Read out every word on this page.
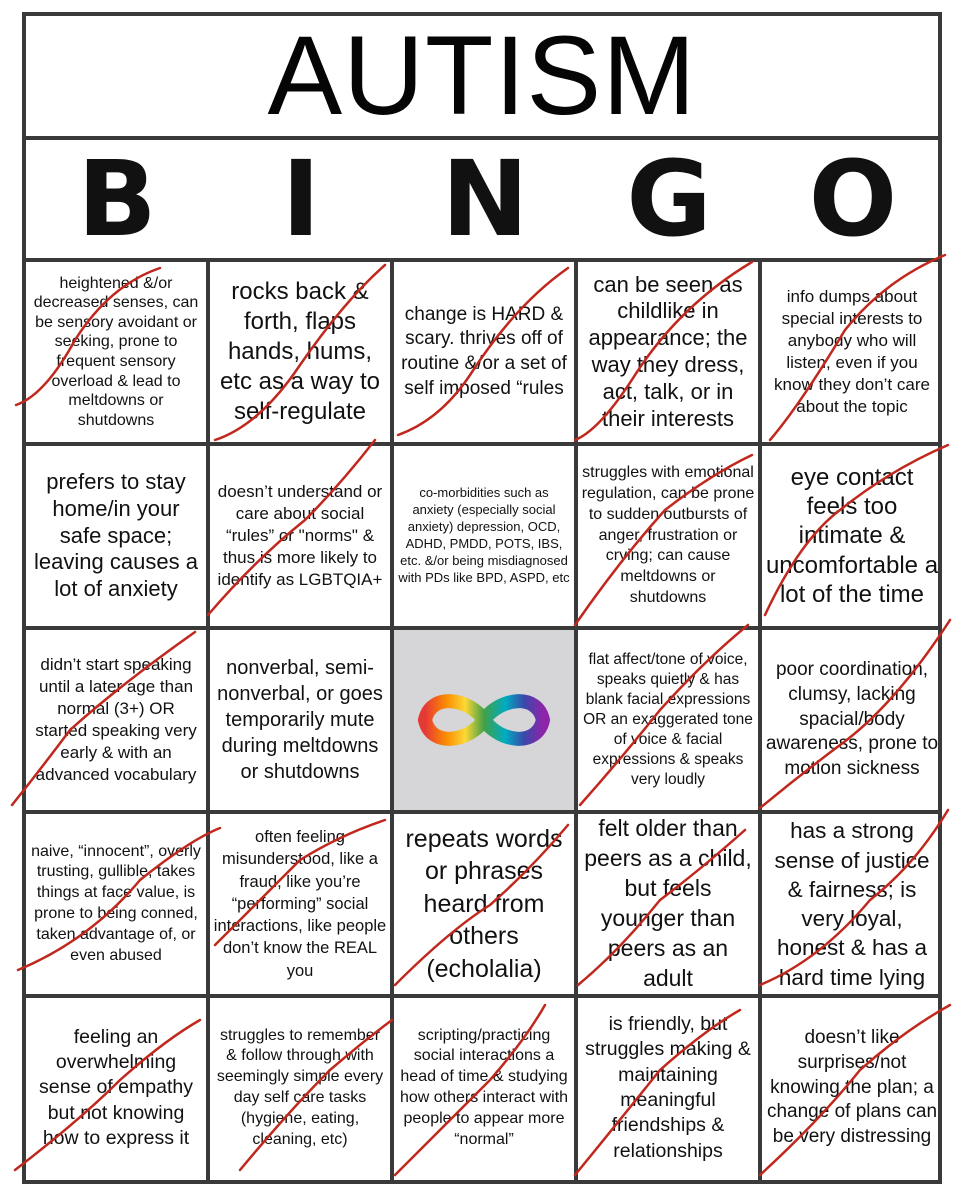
AUTISM
B	I	N G O
heightened &/or decreased senses, can be sensory avoidant or seeking, prone to frequent sensory overload & lead to meltdowns or shutdowns
rocks back & forth, flaps hands, hums, etc as a way to self-regulate
change is HARD & scary. thrives off of routine &/or a set of self imposed “rules
can be seen as childlike in appearance; the way they dress, act, talk, or in their interests
info dumps about special interests to anybody who will listen, even if you know they don’t care about the topic
prefers to stay home/in your safe space; leaving causes a lot of anxiety
doesn’t understand or care about social “rules” or "norms" & thus is more likely to identify as LGBTQIA+
co-morbidities such as anxiety (especially social anxiety) depression, OCD, ADHD, PMDD, POTS, IBS, etc. &/or being misdiagnosed with PDs like BPD, ASPD, etc
struggles with emotional regulation, can be prone to sudden outbursts of anger, frustration or crying; can cause meltdowns or shutdowns
eye contact feels too intimate & uncomfortable a lot of the time
didn’t start speaking until a later age than normal (3+) OR started speaking very early & with an advanced vocabulary
nonverbal, semi-nonverbal, or goes temporarily mute during meltdowns or shutdowns
flat affect/tone of voice, speaks quietly & has blank facial expressions OR an exaggerated tone of voice & facial expressions & speaks very loudly
poor coordination, clumsy, lacking spacial/body awareness, prone to motion sickness
naive, “innocent”, overly trusting, gullible, takes things at face value, is prone to being conned, taken advantage of, or even abused
often feeling misunderstood, like a fraud, like you’re “performing” social interactions, like people don’t know the REAL you
repeats words or phrases heard from others (echolalia)
felt older than peers as a child, but feels younger than peers as an adult
has a strong sense of justice & fairness; is very loyal, honest & has a hard time lying
feeling an overwhelming sense of empathy but not knowing how to express it
struggles to remember & follow through with seemingly simple every day self care tasks (hygiene, eating, cleaning, etc)
scripting/practicing social interactions a head of time & studying how others interact with people to appear more “normal”
is friendly, but struggles making & maintaining meaningful friendships & relationships
doesn’t like surprises/not knowing the plan; a change of plans can be very distressing
